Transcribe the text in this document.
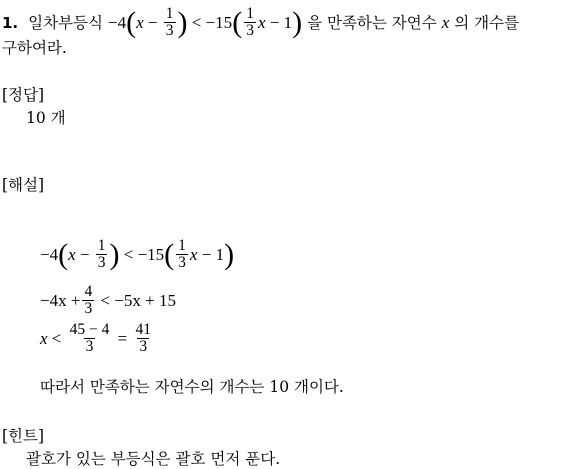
1. 일차부등식 −4 ( x
−
$\frac{1}{3}$ )
<
−15 ( $\frac{1}{3}$ x
−
1 ) 을 만족하는 자연수 x 의 개수를
구하여라.
[정답]
10 개
[해설]
−4 ( x
−
$\frac{1}{3}$ )
<
−15 ( $\frac{1}{3}$ x
−
1 )
$-4x + \frac{4}{3}$
< −5x + 15
x
<
$\frac{45 - 4}{3}$
=
$\frac{41}{3}$
따라서 만족하는 자연수의 개수는 10 개이다.
[힌트]
괄호가 있는 부등식은 괄호 먼저 푼다.
